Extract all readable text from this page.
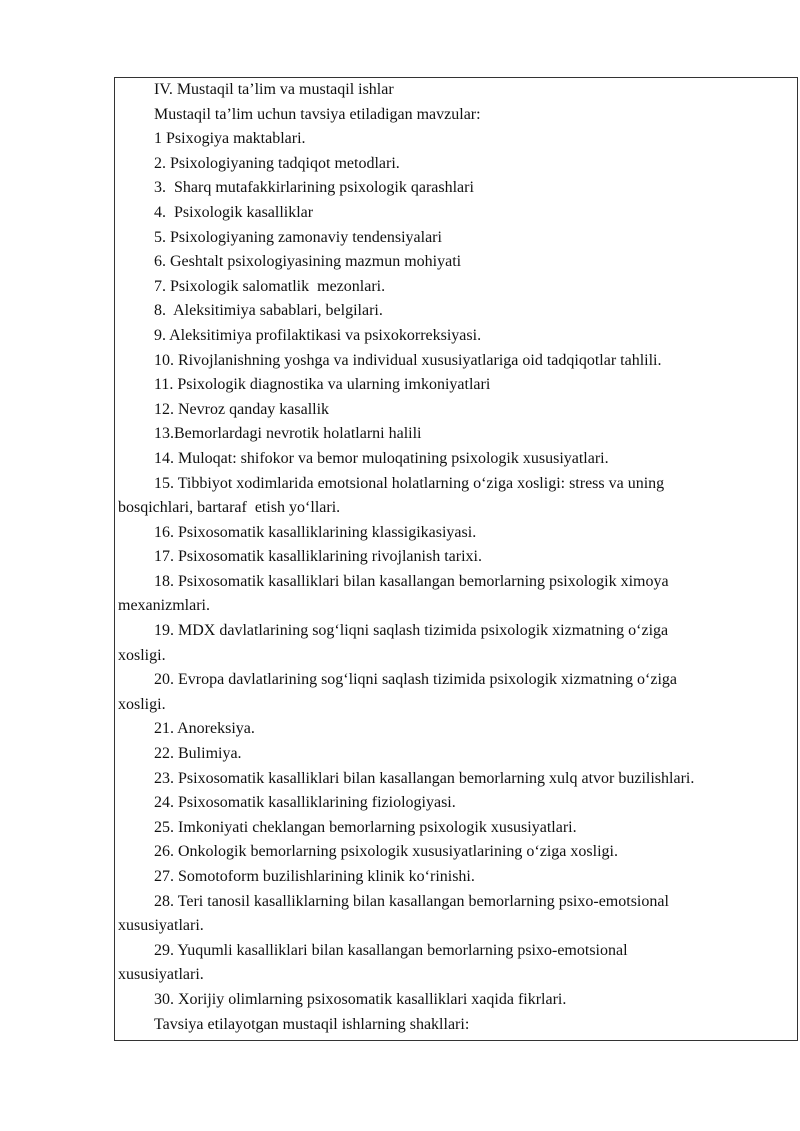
IV. Mustaqil ta’lim va mustaqil ishlar
Mustaqil ta’lim uchun tavsiya etiladigan mavzular:
1 Psixogiya maktablari.
2. Psixologiyaning tadqiqot metodlari.
3.  Sharq mutafakkirlarining psixologik qarashlari
4.  Psixologik kasalliklar
5. Psixologiyaning zamonaviy tendensiyalari
6. Geshtalt psixologiyasining mazmun mohiyati
7. Psixologik salomatlik  mezonlari.
8.  Aleksitimiya sabablari, belgilari.
9. Aleksitimiya profilaktikasi va psixokorreksiyasi.
10. Rivojlanishning yoshga va individual xususiyatlariga oid tadqiqotlar tahlili.
11. Psixologik diagnostika va ularning imkoniyatlari
12. Nevroz qanday kasallik
13.Bemorlardagi nevrotik holatlarni halili
14. Muloqat: shifokor va bemor muloqatining psixologik xususiyatlari.
15. Tibbiyot xodimlarida emotsional holatlarning o‘ziga xosligi: stress va uning
bosqichlari, bartaraf  etish yo‘llari.
16. Psixosomatik kasalliklarining klassigikasiyasi.
17. Psixosomatik kasalliklarining rivojlanish tarixi.
18. Psixosomatik kasalliklari bilan kasallangan bemorlarning psixologik ximoya
mexanizmlari.
19. MDX davlatlarining sog‘liqni saqlash tizimida psixologik xizmatning o‘ziga
xosligi.
20. Evropa davlatlarining sog‘liqni saqlash tizimida psixologik xizmatning o‘ziga
xosligi.
21. Anoreksiya.
22. Bulimiya.
23. Psixosomatik kasalliklari bilan kasallangan bemorlarning xulq atvor buzilishlari.
24. Psixosomatik kasalliklarining fiziologiyasi.
25. Imkoniyati cheklangan bemorlarning psixologik xususiyatlari.
26. Onkologik bemorlarning psixologik xususiyatlarining o‘ziga xosligi.
27. Somotoform buzilishlarining klinik ko‘rinishi.
28. Teri tanosil kasalliklarning bilan kasallangan bemorlarning psixo-emotsional
xususiyatlari.
29. Yuqumli kasalliklari bilan kasallangan bemorlarning psixo-emotsional
xususiyatlari.
30. Xorijiy olimlarning psixosomatik kasalliklari xaqida fikrlari.
Tavsiya etilayotgan mustaqil ishlarning shakllari:
